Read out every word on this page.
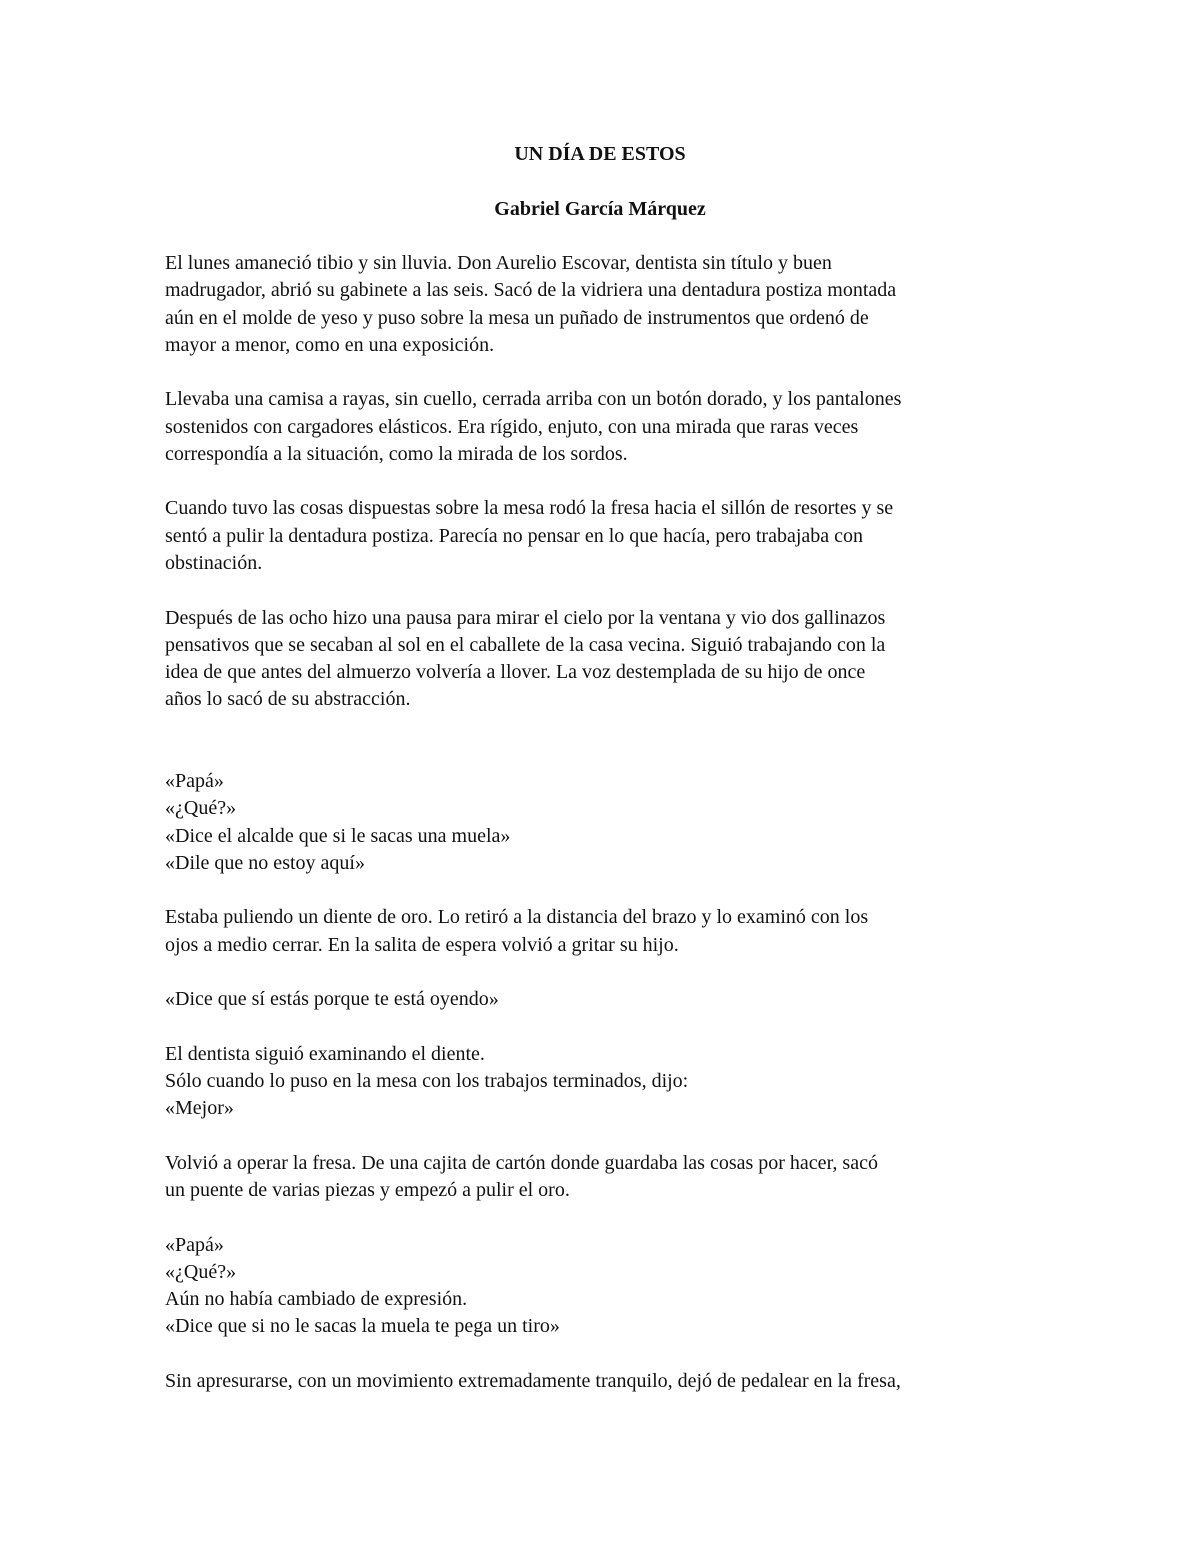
UN DÍA DE ESTOS
Gabriel García Márquez
El lunes amaneció tibio y sin lluvia. Don Aurelio Escovar, dentista sin título y buen
madrugador, abrió su gabinete a las seis. Sacó de la vidriera una dentadura postiza montada
aún en el molde de yeso y puso sobre la mesa un puñado de instrumentos que ordenó de
mayor a menor, como en una exposición.
Llevaba una camisa a rayas, sin cuello, cerrada arriba con un botón dorado, y los pantalones
sostenidos con cargadores elásticos. Era rígido, enjuto, con una mirada que raras veces
correspondía a la situación, como la mirada de los sordos.
Cuando tuvo las cosas dispuestas sobre la mesa rodó la fresa hacia el sillón de resortes y se
sentó a pulir la dentadura postiza. Parecía no pensar en lo que hacía, pero trabajaba con
obstinación.
Después de las ocho hizo una pausa para mirar el cielo por la ventana y vio dos gallinazos
pensativos que se secaban al sol en el caballete de la casa vecina. Siguió trabajando con la
idea de que antes del almuerzo volvería a llover. La voz destemplada de su hijo de once
años lo sacó de su abstracción.
«Papá»
«¿Qué?»
«Dice el alcalde que si le sacas una muela»
«Dile que no estoy aquí»
Estaba puliendo un diente de oro. Lo retiró a la distancia del brazo y lo examinó con los
ojos a medio cerrar. En la salita de espera volvió a gritar su hijo.
«Dice que sí estás porque te está oyendo»
El dentista siguió examinando el diente.
Sólo cuando lo puso en la mesa con los trabajos terminados, dijo:
«Mejor»
Volvió a operar la fresa. De una cajita de cartón donde guardaba las cosas por hacer, sacó
un puente de varias piezas y empezó a pulir el oro.
«Papá»
«¿Qué?»
Aún no había cambiado de expresión.
«Dice que si no le sacas la muela te pega un tiro»
Sin apresurarse, con un movimiento extremadamente tranquilo, dejó de pedalear en la fresa,
